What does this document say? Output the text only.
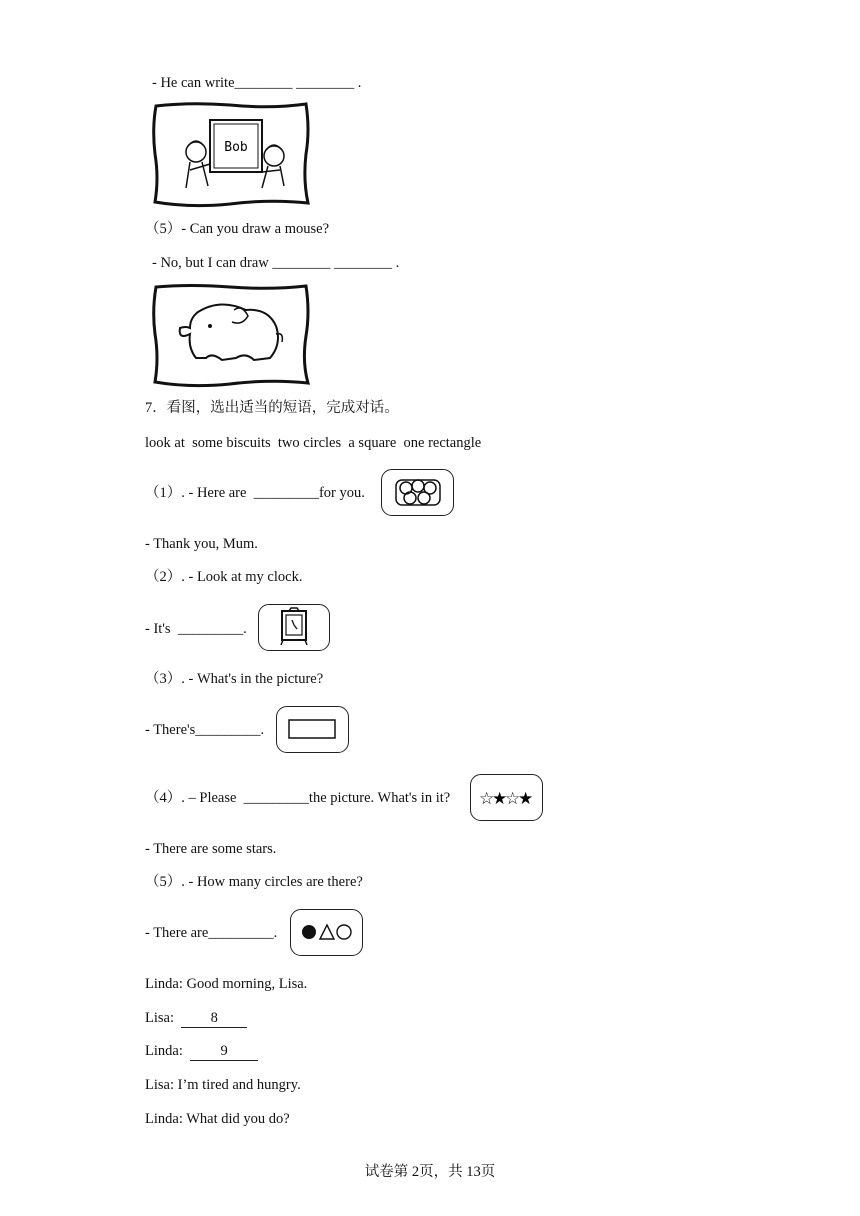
- He can write________ ________ .
Bob
（5）- Can you draw a mouse?
- No, but I can draw ________ ________ .
7．看图，选出适当的短语，完成对话。
look at  some biscuits  two circles  a square  one rectangle
（1）. - Here are  _________for you.
- Thank you, Mum.
（2）. - Look at my clock.
- It's  _________.
（3）. - What's in the picture?
- There's_________.
（4）. – Please  _________the picture. What's in it? ☆
★
☆
★
- There are some stars.
（5）. - How many circles are there?
- There are_________.
Linda: Good morning, Lisa.
Lisa:  8
Linda:  9
Lisa: I’m tired and hungry.
Linda: What did you do?
试卷第 2页，共 13页
